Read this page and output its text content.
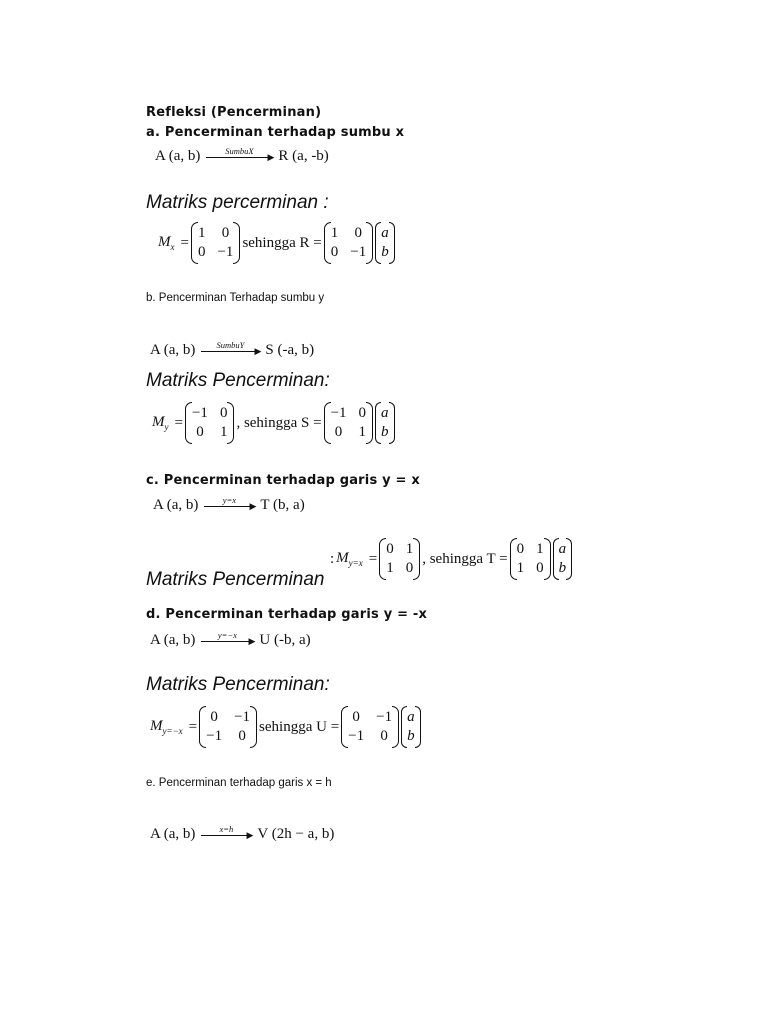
Refleksi (Pencerminan)
a. Pencerminan terhadap sumbu x
A (a, b)	SumbuX
▶ R (a, -b)
Matriks percerminan :
$M_x$ =
1 0
0 −1
sehingga R =
1 0
0 −1
a
b
b. Pencerminan Terhadap sumbu y
A (a, b)	SumbuY
▶ S (-a, b)
Matriks Pencerminan:
$M_y$ =
−1 0
0 1
, sehingga S =
−1 0
0 1
a
b
c. Pencerminan terhadap garis y = x
A (a, b)	y=x
▶ T (b, a)
: $M_{y=x}$ =
0 1
1 0
, sehingga T =
0 1
1 0
a
b
Matriks Pencerminan
d. Pencerminan terhadap garis y = -x
A (a, b)	y=−x
▶ U (-b, a)
Matriks Pencerminan:
$M_{y=-x}$ =
0 −1
−1 0
sehingga U =
0 −1
−1 0
a
b
e. Pencerminan terhadap garis x = h
A (a, b)	x=h
▶ V (2h − a, b)
